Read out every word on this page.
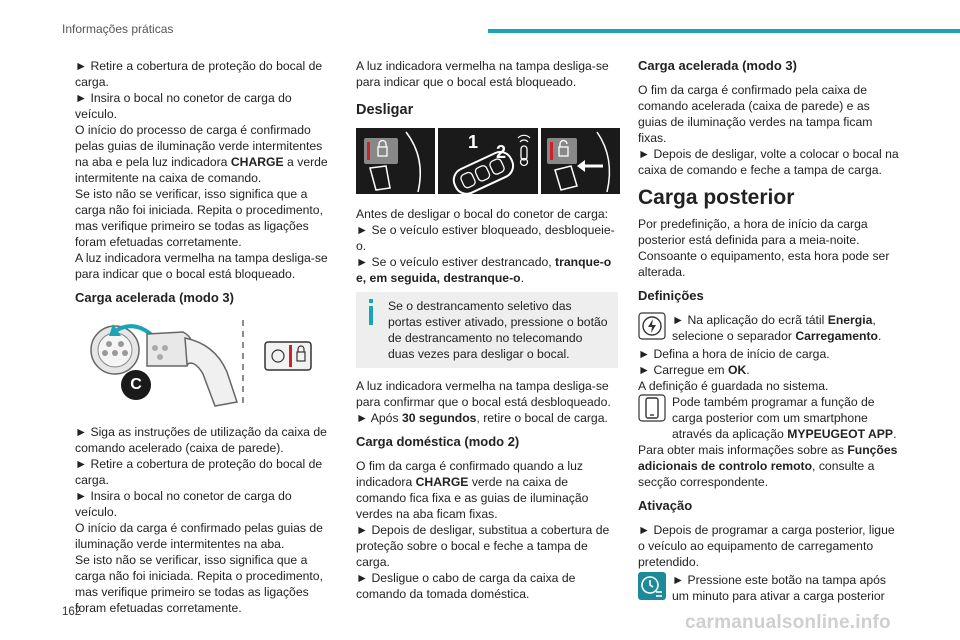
Informações práticas
► Retire a cobertura de proteção do bocal de carga.
► Insira o bocal no conetor de carga do veículo.
O início do processo de carga é confirmado pelas guias de iluminação verde intermitentes na aba e pela luz indicadora CHARGE a verde intermitente na caixa de comando.
Se isto não se verificar, isso significa que a carga não foi iniciada. Repita o procedimento, mas verifique primeiro se todas as ligações foram efetuadas corretamente.
A luz indicadora vermelha na tampa desliga-se para indicar que o bocal está bloqueado.
Carga acelerada (modo 3)
C
► Siga as instruções de utilização da caixa de comando acelerado (caixa de parede).
► Retire a cobertura de proteção do bocal de carga.
► Insira o bocal no conetor de carga do veículo.
O início da carga é confirmado pelas guias de iluminação verde intermitentes na aba.
Se isto não se verificar, isso significa que a carga não foi iniciada. Repita o procedimento, mas verifique primeiro se todas as ligações foram efetuadas corretamente.

A luz indicadora vermelha na tampa desliga-se para indicar que o bocal está bloqueado.

Desligar
1 2
Antes de desligar o bocal do conetor de carga:
► Se o veículo estiver bloqueado, desbloqueie-o.
► Se o veículo estiver destrancado, tranque-o e, em seguida, destranque-o.
Se o destrancamento seletivo das portas estiver ativado, pressione o botão de destrancamento no telecomando duas vezes para desligar o bocal.

A luz indicadora vermelha na tampa desliga-se para confirmar que o bocal está desbloqueado.

► Após 30 segundos, retire o bocal de carga.

Carga doméstica (modo 2)
O fim da carga é confirmado quando a luz indicadora CHARGE verde na caixa de comando fica fixa e as guias de iluminação verdes na aba ficam fixas.
► Depois de desligar, substitua a cobertura de proteção sobre o bocal e feche a tampa de carga.
► Desligue o cabo de carga da caixa de comando da tomada doméstica.
Carga acelerada (modo 3)

O fim da carga é confirmado pela caixa de comando acelerada (caixa de parede) e as guias de iluminação verdes na tampa ficam fixas.

► Depois de desligar, volte a colocar o bocal na caixa de comando e feche a tampa de carga.

Carga posterior
Por predefinição, a hora de início da carga posterior está definida para a meia-noite.
Consoante o equipamento, esta hora pode ser alterada.
Definições
► Na aplicação do ecrã tátil Energia, selecione o separador Carregamento.
► Defina a hora de início de carga.
► Carregue em OK.
A definição é guardada no sistema.
Pode também programar a função de carga posterior com um smartphone através da aplicação MYPEUGEOT APP.

Para obter mais informações sobre as Funções adicionais de controlo remoto, consulte a secção correspondente.

Ativação

► Depois de programar a carga posterior, ligue o veículo ao equipamento de carregamento pretendido.

► Pressione este botão na tampa após um minuto para ativar a carga posterior
162	carmanualsonline.info
